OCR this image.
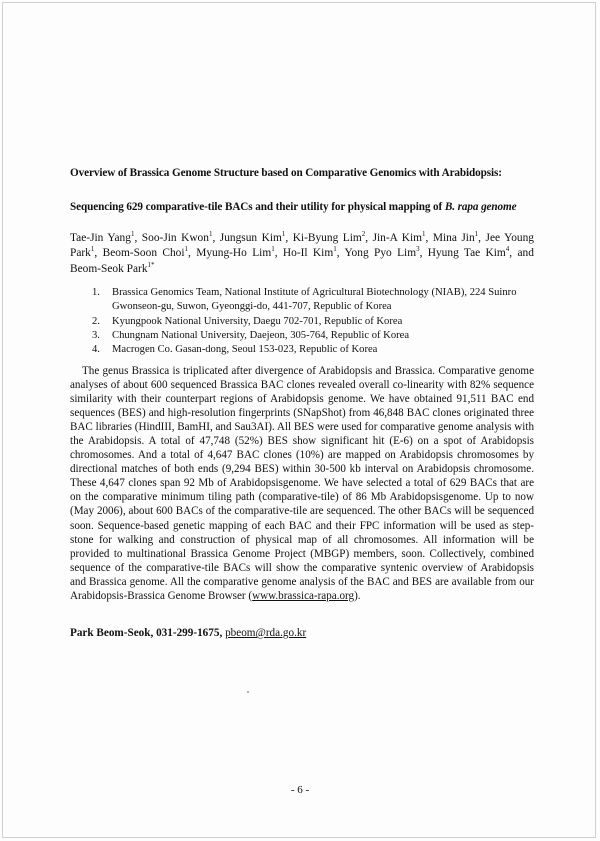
Overview of Brassica Genome Structure based on Comparative Genomics with Arabidopsis:
Sequencing 629 comparative-tile BACs and their utility for physical mapping of B. rapa genome
Tae-Jin Yang$^1$, Soo-Jin Kwon$^1$, Jungsun Kim$^1$, Ki-Byung Lim$^2$, Jin-A Kim$^1$, Mina Jin$^1$, Jee Young Park$^1$, Beom-Soon Choi$^1$, Myung-Ho Lim$^1$, Ho-Il Kim$^1$, Yong Pyo Lim$^3$, Hyung Tae Kim$^4$, and Beom-Seok Park$^{1*}$
1. Brassica Genomics Team, National Institute of Agricultural Biotechnology (NIAB), 224 Suinro Gwonseon-gu, Suwon, Gyeonggi-do, 441-707, Republic of Korea
2. Kyungpook National University, Daegu 702-701, Republic of Korea
3. Chungnam National University, Daejeon, 305-764, Republic of Korea
4. Macrogen Co. Gasan-dong, Seoul 153-023, Republic of Korea

The genus Brassica is triplicated after divergence of Arabidopsis and Brassica. Comparative genome analyses of about 600 sequenced Brassica BAC clones revealed overall co-linearity with 82% sequence similarity with their counterpart regions of Arabidopsis genome. We have obtained 91,511 BAC end sequences (BES) and high-resolution fingerprints (SNapShot) from 46,848 BAC clones originated three BAC libraries (HindIII, BamHI, and Sau3AI). All BES were used for comparative genome analysis with the Arabidopsis. A total of 47,748 (52%) BES show significant hit (E-6) on a spot of Arabidopsis chromosomes. And a total of 4,647 BAC clones (10%) are mapped on Arabidopsis chromosomes by directional matches of both ends (9,294 BES) within 30-500 kb interval on Arabidopsis chromosome. These 4,647 clones span 92 Mb of Arabidopsisgenome. We have selected a total of 629 BACs that are on the comparative minimum tiling path (comparative-tile) of 86 Mb Arabidopsisgenome. Up to now (May 2006), about 600 BACs of the comparative-tile are sequenced. The other BACs will be sequenced soon. Sequence-based genetic mapping of each BAC and their FPC information will be used as step-stone for walking and construction of physical map of all chromosomes. All information will be provided to multinational Brassica Genome Project (MBGP) members, soon. Collectively, combined sequence of the comparative-tile BACs will show the comparative syntenic overview of Arabidopsis and Brassica genome. All the comparative genome analysis of the BAC and BES are available from our Arabidopsis-Brassica Genome Browser (www.brassica-rapa.org).

Park Beom-Seok, 031-299-1675, pbeom@rda.go.kr
- 6 -
